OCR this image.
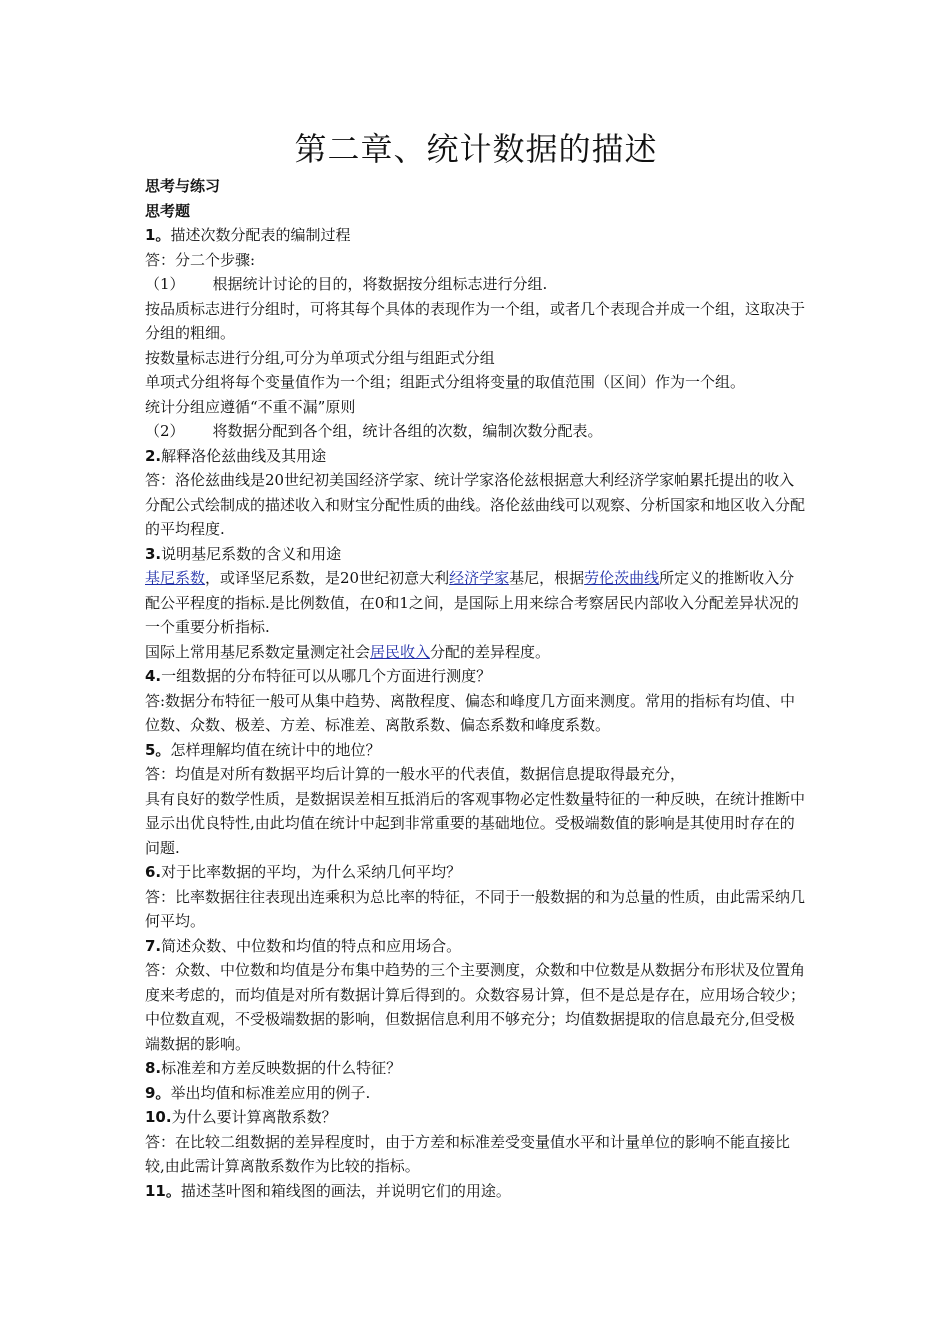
第二章、统计数据的描述

思考与练习

思考题

1。描述次数分配表的编制过程

答：分二个步骤:

（1） 根据统计讨论的目的，将数据按分组标志进行分组.

按品质标志进行分组时，可将其每个具体的表现作为一个组，或者几个表现合并成一个组，这取决于分组的粗细。

按数量标志进行分组,可分为单项式分组与组距式分组

单项式分组将每个变量值作为一个组；组距式分组将变量的取值范围（区间）作为一个组。

统计分组应遵循“不重不漏”原则

（2） 将数据分配到各个组，统计各组的次数，编制次数分配表。

2.解释洛伦兹曲线及其用途

答：洛伦兹曲线是20世纪初美国经济学家、统计学家洛伦兹根据意大利经济学家帕累托提出的收入分配公式绘制成的描述收入和财宝分配性质的曲线。洛伦兹曲线可以观察、分析国家和地区收入分配的平均程度.

3.说明基尼系数的含义和用途

基尼系数，或译坚尼系数，是20世纪初意大利经济学家基尼，根据劳伦茨曲线所定义的推断收入分配公平程度的指标.是比例数值，在0和1之间，是国际上用来综合考察居民内部收入分配差异状况的一个重要分析指标.

国际上常用基尼系数定量测定社会居民收入分配的差异程度。

4.一组数据的分布特征可以从哪几个方面进行测度？

答:数据分布特征一般可从集中趋势、离散程度、偏态和峰度几方面来测度。常用的指标有均值、中位数、众数、极差、方差、标准差、离散系数、偏态系数和峰度系数。

5。怎样理解均值在统计中的地位？

答：均值是对所有数据平均后计算的一般水平的代表值，数据信息提取得最充分，

具有良好的数学性质，是数据误差相互抵消后的客观事物必定性数量特征的一种反映，在统计推断中显示出优良特性,由此均值在统计中起到非常重要的基础地位。受极端数值的影响是其使用时存在的问题.

6.对于比率数据的平均，为什么采纳几何平均？

答：比率数据往往表现出连乘积为总比率的特征，不同于一般数据的和为总量的性质，由此需采纳几何平均。

7.简述众数、中位数和均值的特点和应用场合。

答：众数、中位数和均值是分布集中趋势的三个主要测度，众数和中位数是从数据分布形状及位置角度来考虑的，而均值是对所有数据计算后得到的。众数容易计算，但不是总是存在，应用场合较少；中位数直观，不受极端数据的影响，但数据信息利用不够充分；均值数据提取的信息最充分,但受极端数据的影响。

8.标准差和方差反映数据的什么特征？

9。举出均值和标准差应用的例子.

10.为什么要计算离散系数？

答：在比较二组数据的差异程度时，由于方差和标准差受变量值水平和计量单位的影响不能直接比较,由此需计算离散系数作为比较的指标。

11。描述茎叶图和箱线图的画法，并说明它们的用途。
